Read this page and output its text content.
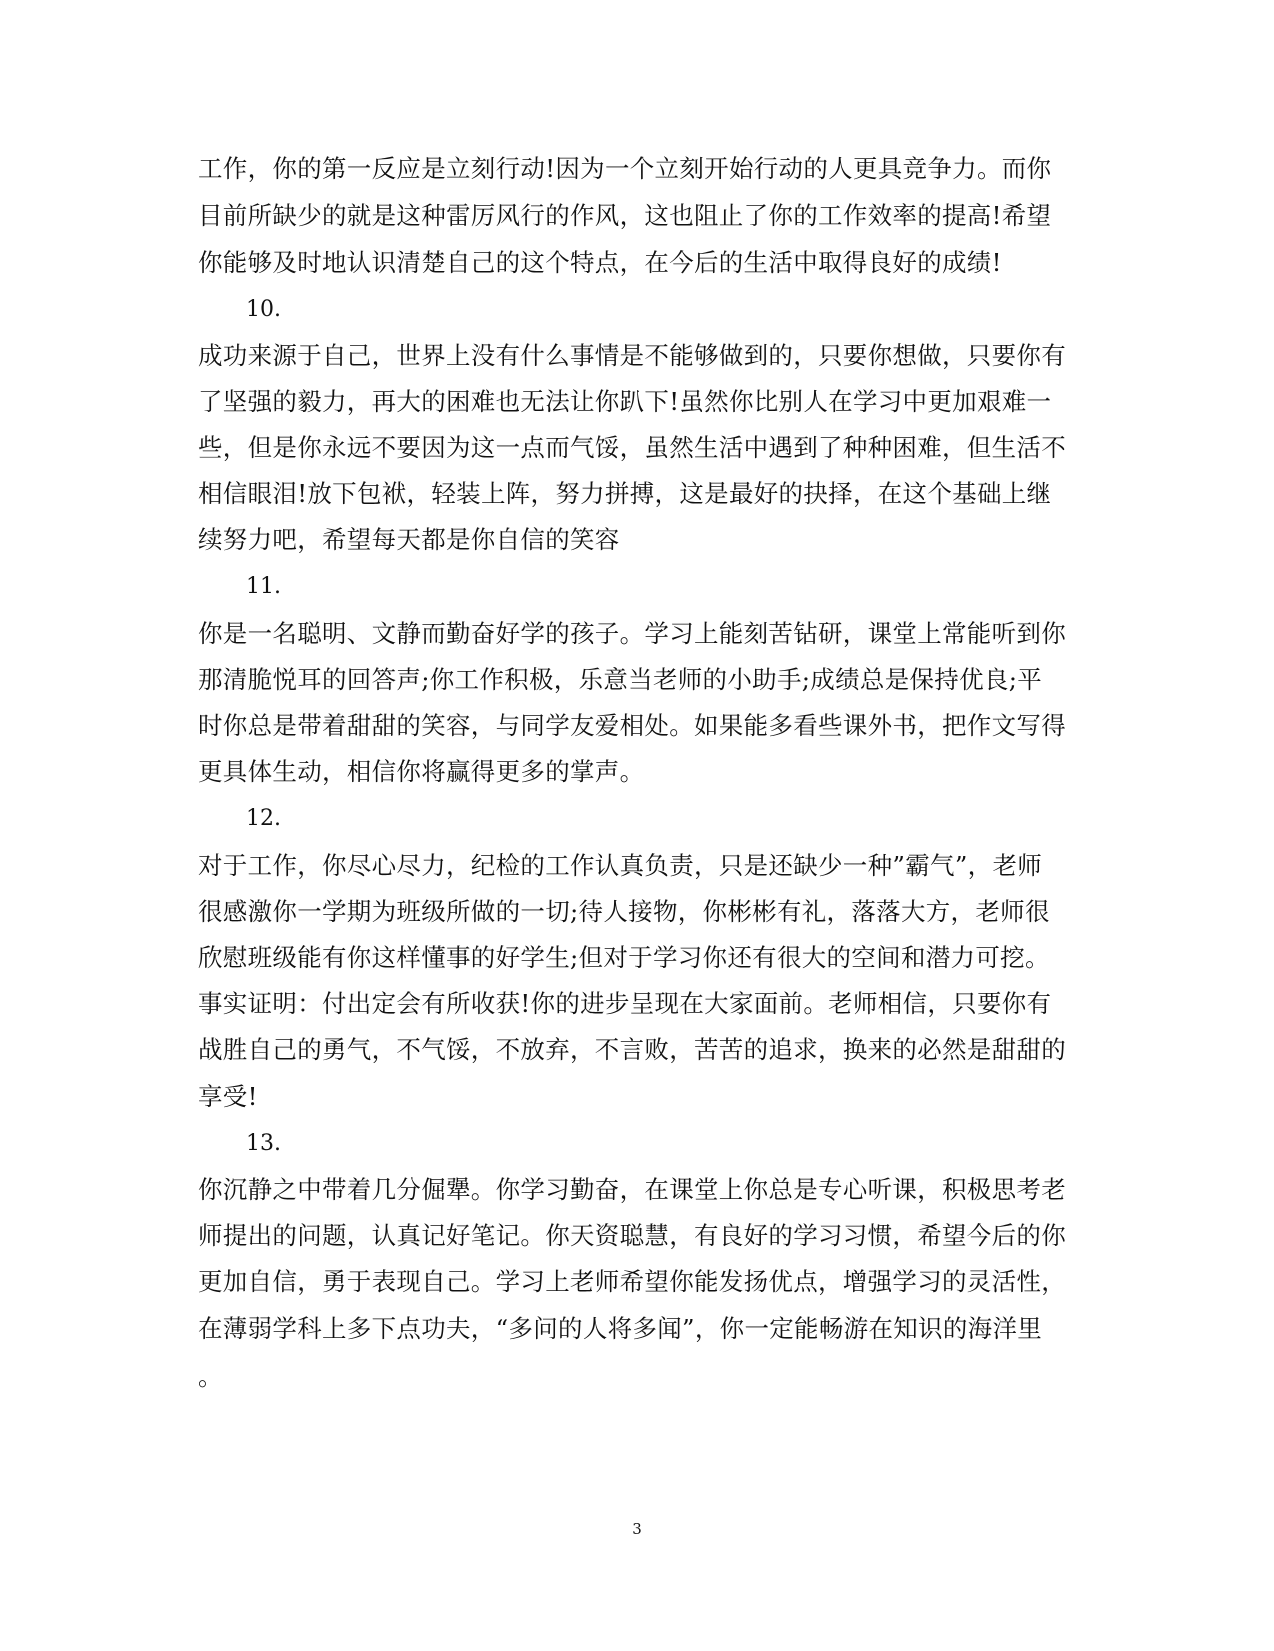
工作，你的第一反应是立刻行动!因为一个立刻开始行动的人更具竞争力。而你
目前所缺少的就是这种雷厉风行的作风，这也阻止了你的工作效率的提高!希望
你能够及时地认识清楚自己的这个特点，在今后的生活中取得良好的成绩!
10.
成功来源于自己，世界上没有什么事情是不能够做到的，只要你想做，只要你有
了坚强的毅力，再大的困难也无法让你趴下!虽然你比别人在学习中更加艰难一
些，但是你永远不要因为这一点而气馁，虽然生活中遇到了种种困难，但生活不
相信眼泪!放下包袱，轻装上阵，努力拼搏，这是最好的抉择，在这个基础上继
续努力吧，希望每天都是你自信的笑容
11.
你是一名聪明、文静而勤奋好学的孩子。学习上能刻苦钻研，课堂上常能听到你
那清脆悦耳的回答声;你工作积极，乐意当老师的小助手;成绩总是保持优良;平
时你总是带着甜甜的笑容，与同学友爱相处。如果能多看些课外书，把作文写得
更具体生动，相信你将赢得更多的掌声。
12.
对于工作，你尽心尽力，纪检的工作认真负责，只是还缺少一种”霸气”，老师
很感激你一学期为班级所做的一切;待人接物，你彬彬有礼，落落大方，老师很
欣慰班级能有你这样懂事的好学生;但对于学习你还有很大的空间和潜力可挖。
事实证明：付出定会有所收获!你的进步呈现在大家面前。老师相信，只要你有
战胜自己的勇气，不气馁，不放弃，不言败，苦苦的追求，换来的必然是甜甜的
享受!
13.
你沉静之中带着几分倔犟。你学习勤奋，在课堂上你总是专心听课，积极思考老
师提出的问题，认真记好笔记。你天资聪慧，有良好的学习习惯，希望今后的你
更加自信，勇于表现自己。学习上老师希望你能发扬优点，增强学习的灵活性，
在薄弱学科上多下点功夫，“多问的人将多闻”，你一定能畅游在知识的海洋里
。
3
